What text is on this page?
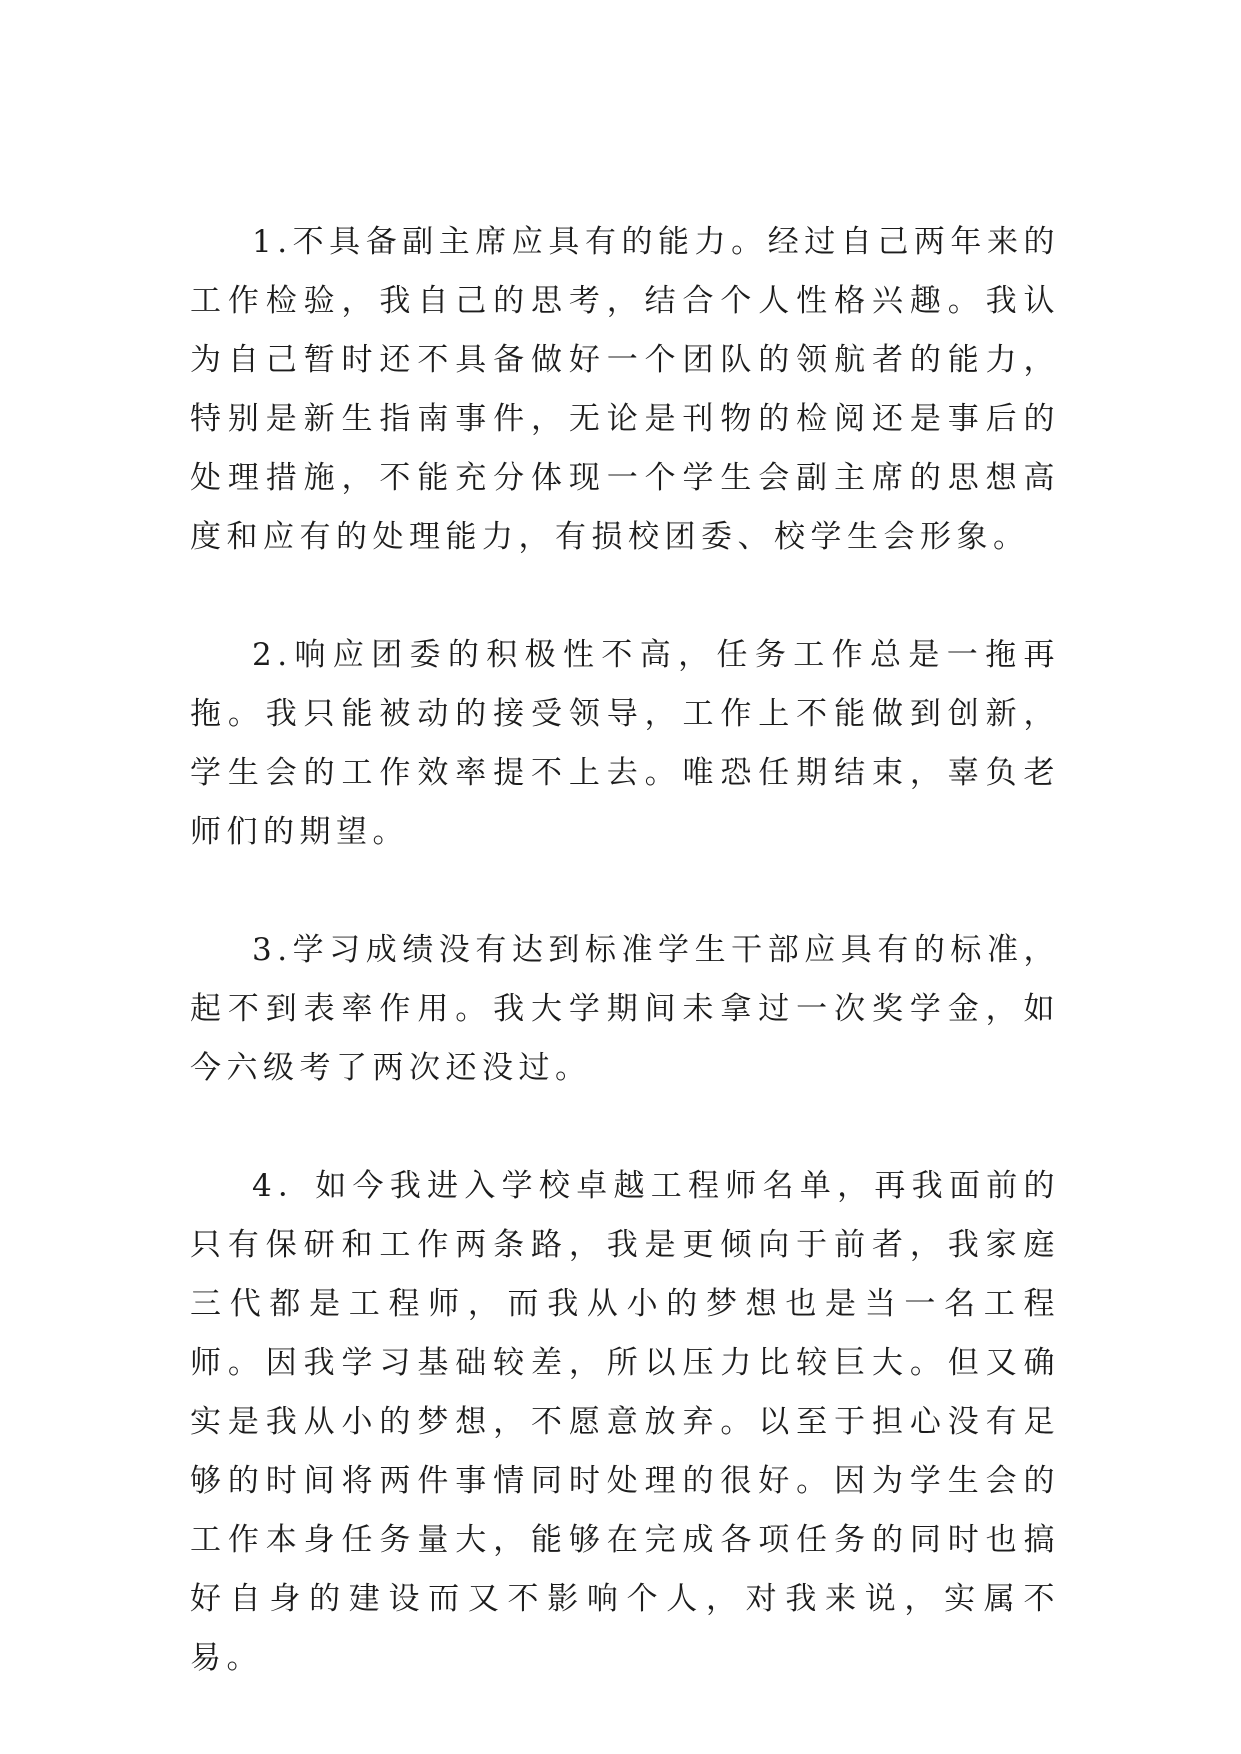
1.不具备副主席应具有的能力。经过自己两年来的工作检验，我自己的思考，结合个人性格兴趣。我认为自己暂时还不具备做好一个团队的领航者的能力，特别是新生指南事件，无论是刊物的检阅还是事后的处理措施，不能充分体现一个学生会副主席的思想高度和应有的处理能力，有损校团委、校学生会形象。

2.响应团委的积极性不高，任务工作总是一拖再拖。我只能被动的接受领导，工作上不能做到创新，学生会的工作效率提不上去。唯恐任期结束，辜负老师们的期望。

3.学习成绩没有达到标准学生干部应具有的标准，起不到表率作用。我大学期间未拿过一次奖学金，如今六级考了两次还没过。

4．如今我进入学校卓越工程师名单，再我面前的只有保研和工作两条路，我是更倾向于前者，我家庭三代都是工程师，而我从小的梦想也是当一名工程师。因我学习基础较差，所以压力比较巨大。但又确实是我从小的梦想，不愿意放弃。以至于担心没有足够的时间将两件事情同时处理的很好。因为学生会的工作本身任务量大，能够在完成各项任务的同时也搞好自身的建设而又不影响个人，对我来说，实属不易。
